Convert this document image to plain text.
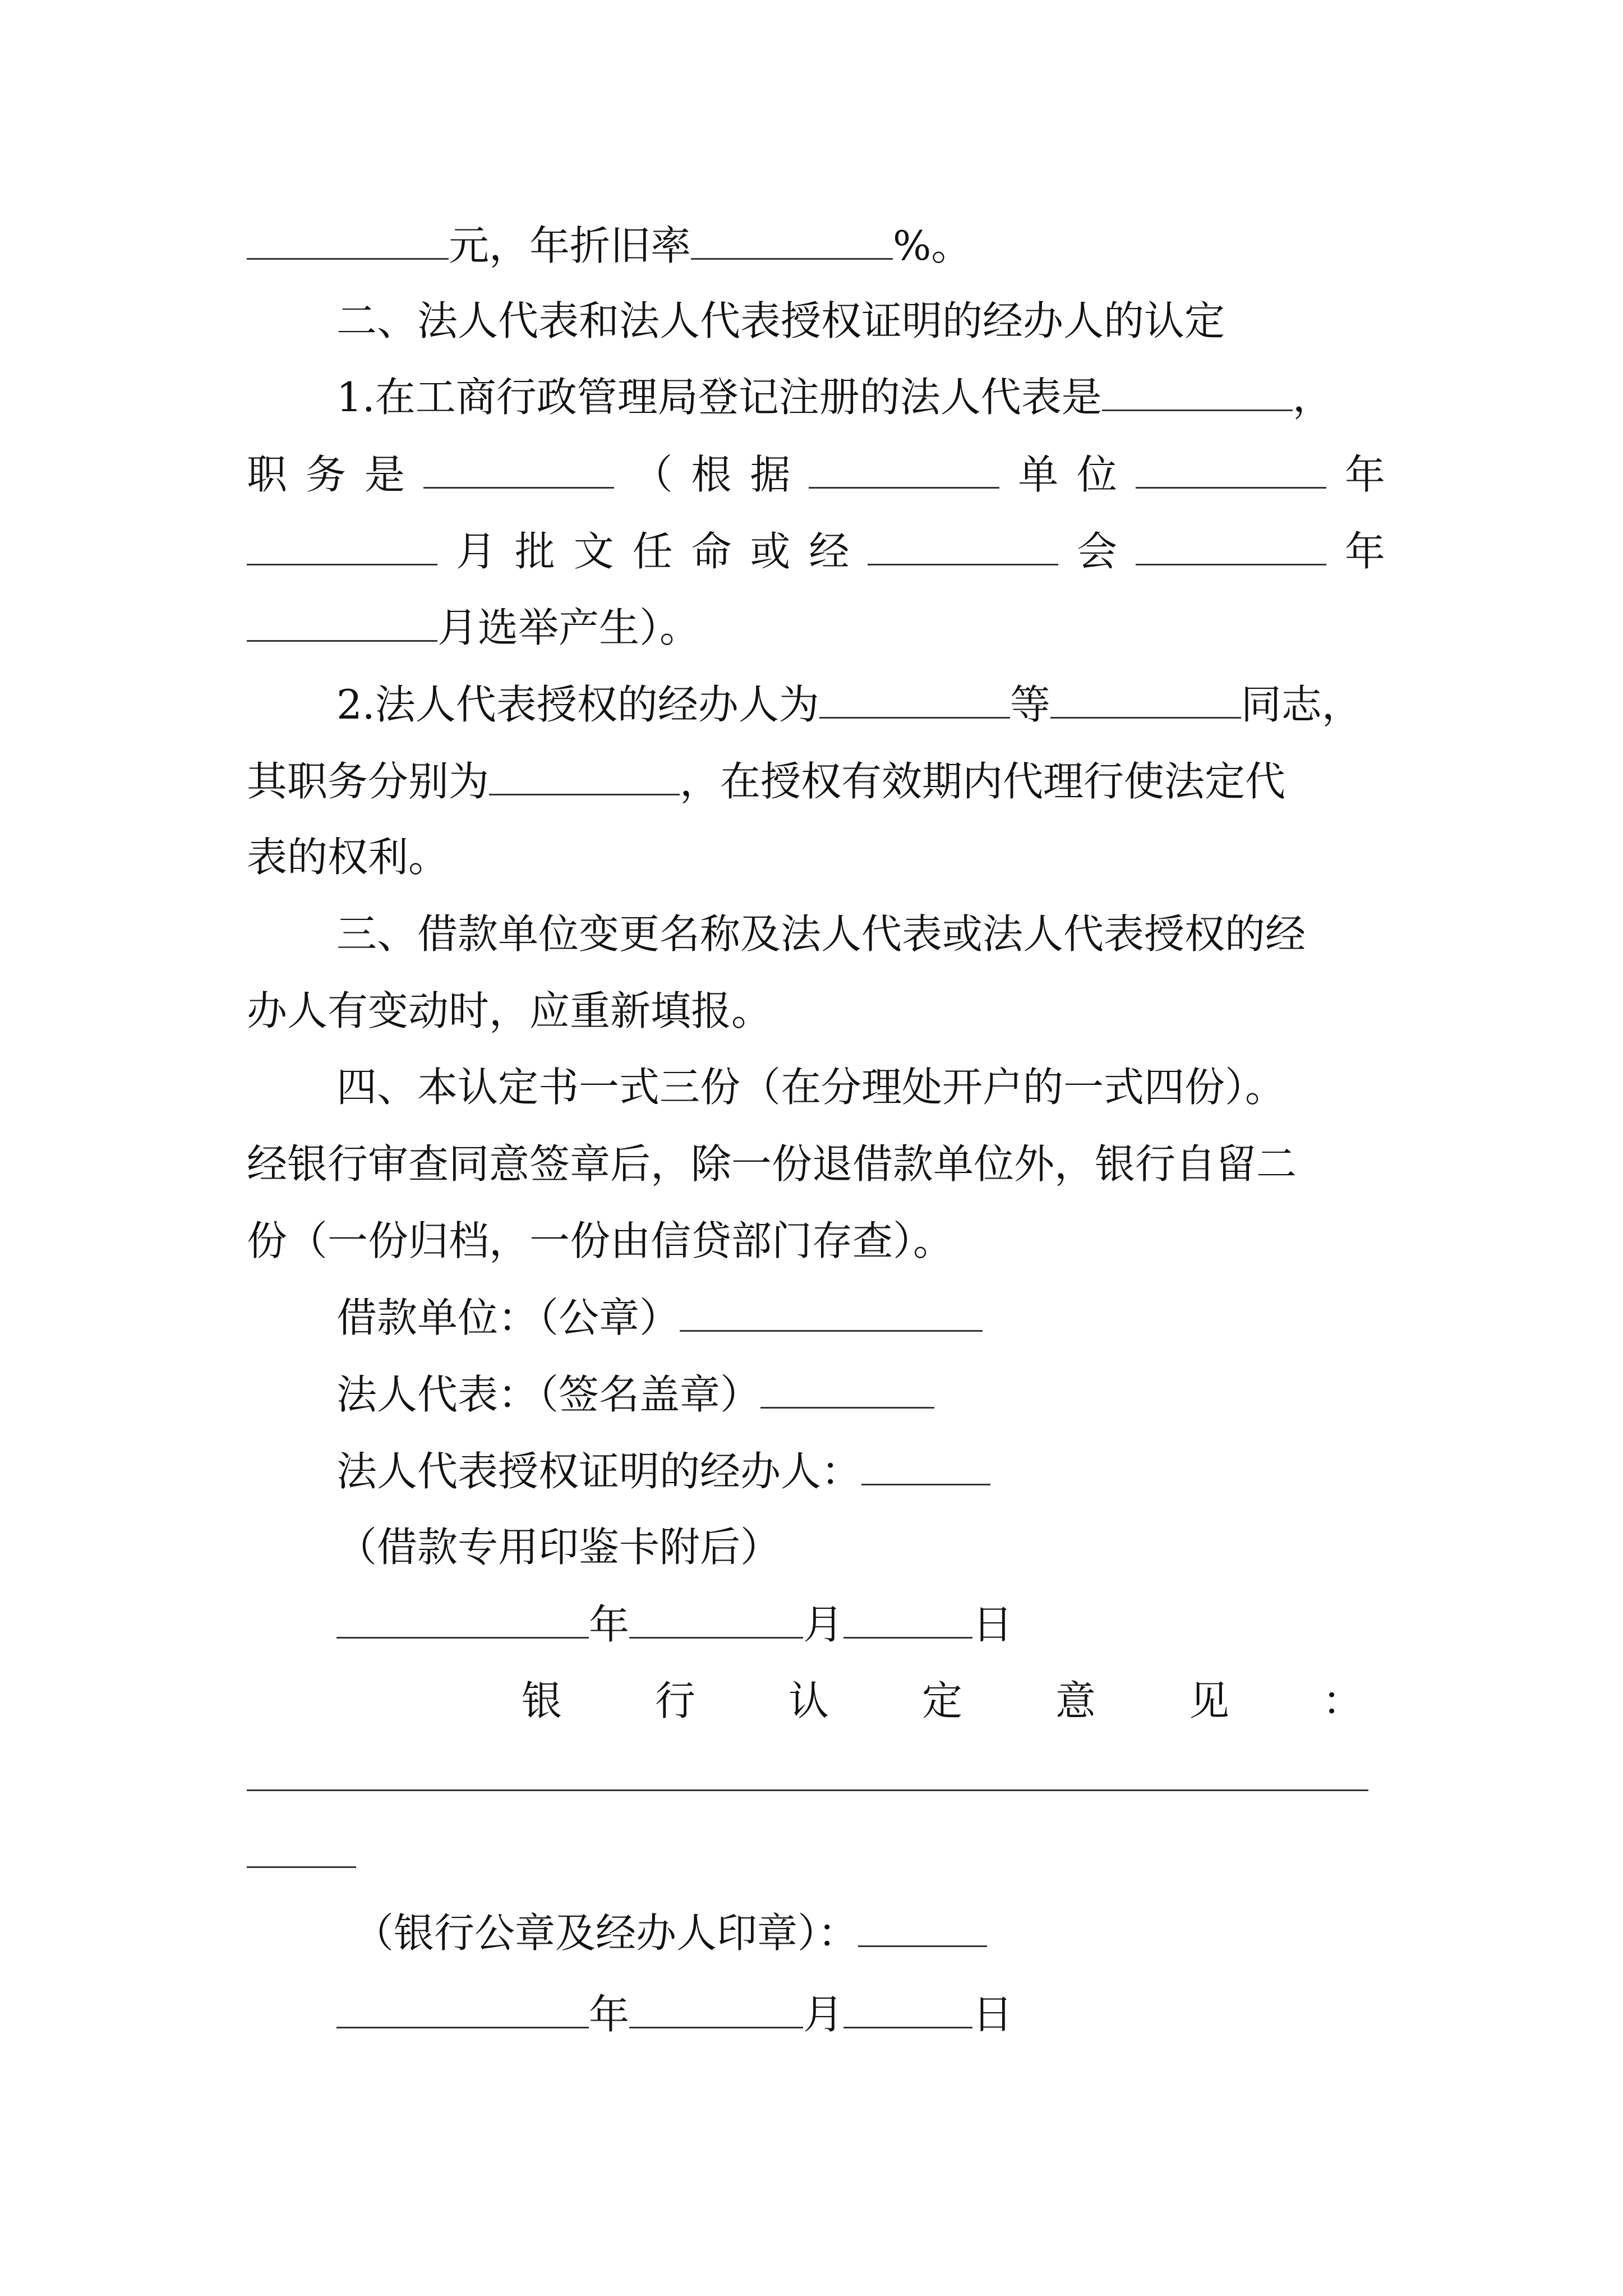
元，年折旧率	%。
二、法人代表和法人代表授权证明的经办人的认定
1.在工商行政管理局登记注册的法人代表是	，
职 务 是	（ 根 据	单 位	年
月 批 文 任 命 或 经	会	年
月选举产生）。
2.法人代表授权的经办人为	等	同志，
其职务分别为	，在授权有效期内代理行使法定代
表的权利。
三、借款单位变更名称及法人代表或法人代表授权的经
办人有变动时，应重新填报。
四、本认定书一式三份（在分理处开户的一式四份）。
经银行审查同意签章后，除一份退借款单位外，银行自留二
份（一份归档，一份由信贷部门存查）。
借款单位：（公章）
法人代表：（签名盖章）
法人代表授权证明的经办人：
（借款专用印鉴卡附后）
年	月	日
银 行 认 定 意 见 ：
（银行公章及经办人印章）：
年	月	日
